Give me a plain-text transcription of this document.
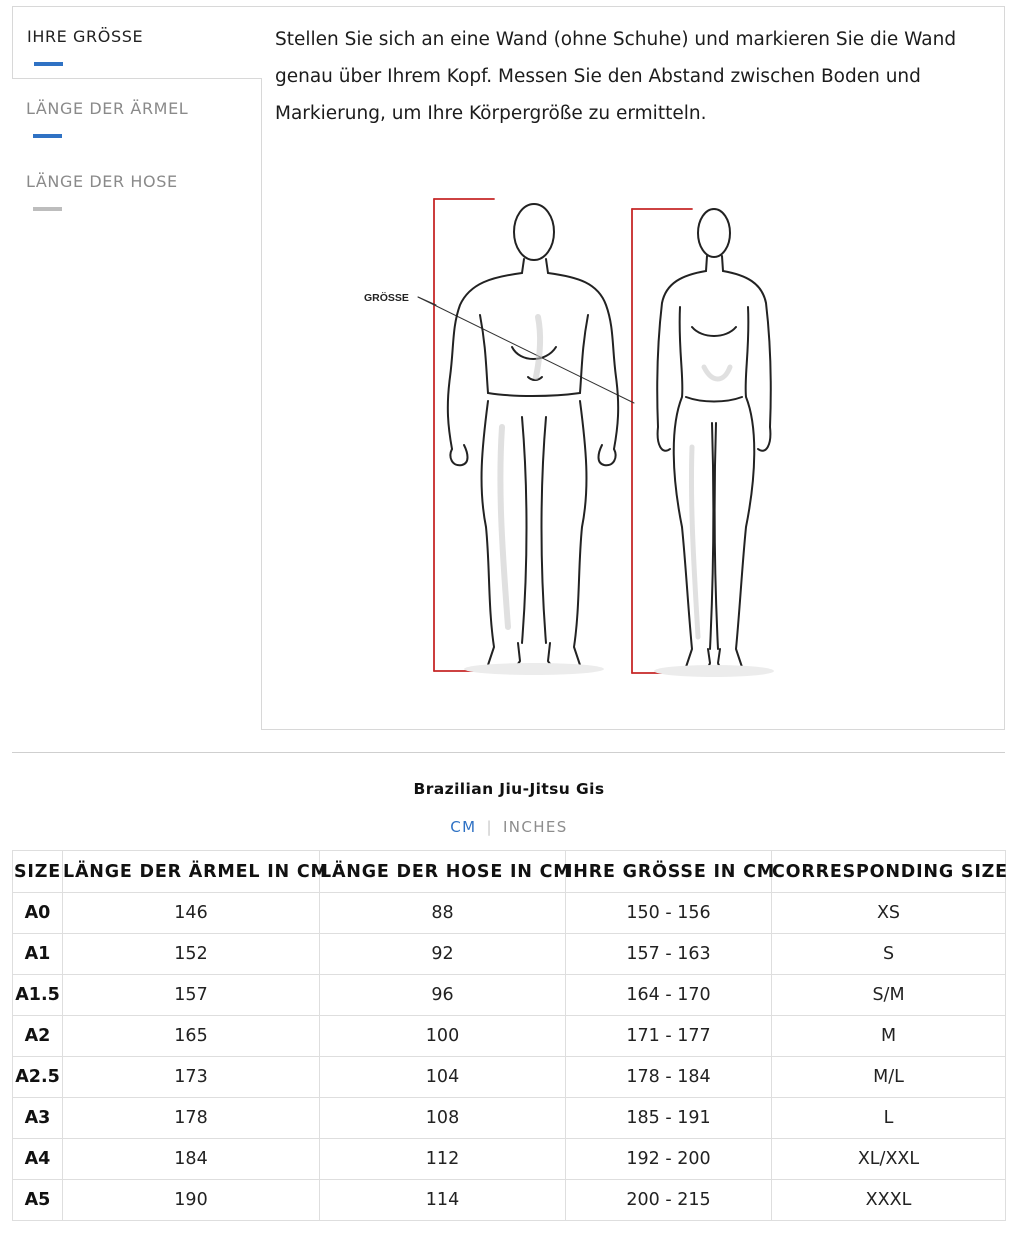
IHRE GRÖSSE
LÄNGE DER ÄRMEL
LÄNGE DER HOSE

Stellen Sie sich an eine Wand (ohne Schuhe) und markieren Sie die Wand genau über Ihrem Kopf. Messen Sie den Abstand zwischen Boden und Markierung, um Ihre Körpergröße zu ermitteln.

GRÖSSE
Brazilian Jiu-Jitsu Gis
CM | INCHES
SIZE	LÄNGE DER ÄRMEL IN CM	LÄNGE DER HOSE IN CM	IHRE GRÖSSE IN CM	CORRESPONDING SIZE
A0	146	88	150 - 156	XS
A1	152	92	157 - 163	S
A1.5	157	96	164 - 170	S/M
A2	165	100	171 - 177	M
A2.5	173	104	178 - 184	M/L
A3	178	108	185 - 191	L
A4	184	112	192 - 200	XL/XXL
A5	190	114	200 - 215	XXXL
